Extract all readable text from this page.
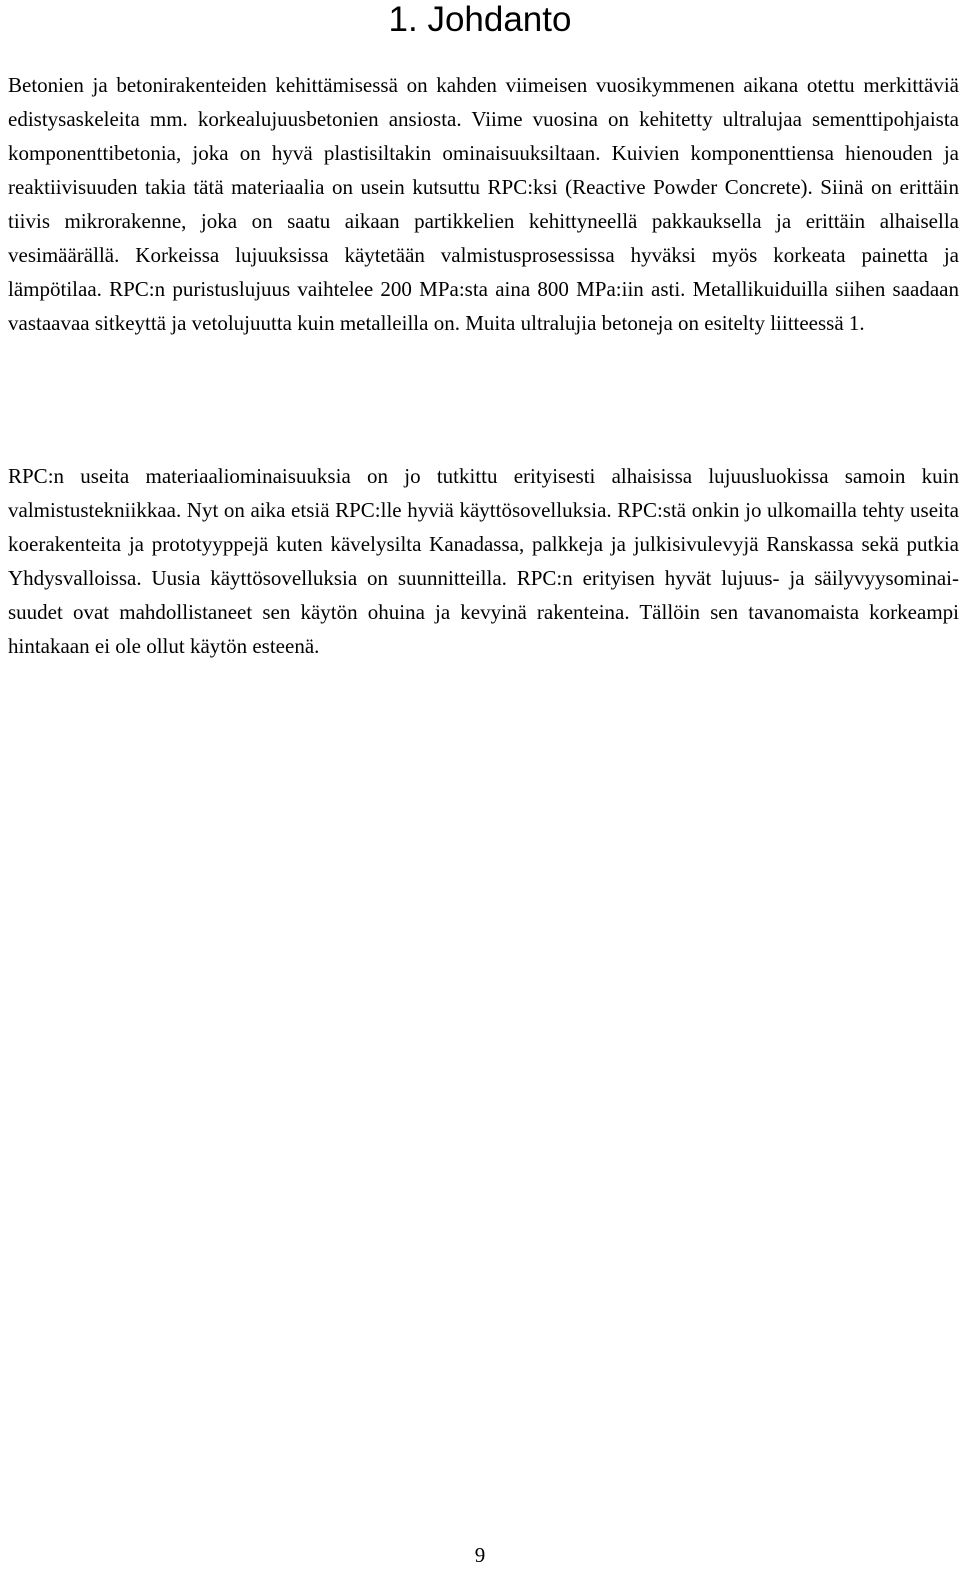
1. Johdanto

Betonien ja betonirakenteiden kehittämisessä on kahden viimeisen vuosikymmenen aikana otettu merkittäviä edistysaskeleita mm. korkealujuusbetonien ansiosta. Viime vuosina on kehitetty ultralujaa sementtipohjaista komponenttibetonia, joka on hyvä plastisiltakin ominaisuuksiltaan. Kuivien komponenttiensa hienouden ja reaktiivisuuden takia tätä materiaalia on usein kutsuttu RPC:ksi (Reactive Powder Concrete). Siinä on erittäin tiivis mikrorakenne, joka on saatu aikaan partikkelien kehittyneellä pakkauksella ja erittäin alhaisella vesimäärällä. Korkeissa lujuuksissa käytetään valmistusprosessissa hyväksi myös korkeata painetta ja lämpötilaa. RPC:n puristuslujuus vaihtelee 200 MPa:sta aina 800 MPa:iin asti. Metallikuiduilla siihen saadaan vastaavaa sitkeyttä ja vetolujuutta kuin metalleilla on. Muita ultralujia betoneja on esitelty liitteessä 1.

RPC:n useita materiaaliominaisuuksia on jo tutkittu erityisesti alhaisissa lujuusluokissa samoin kuin valmistustekniikkaa. Nyt on aika etsiä RPC:lle hyviä käyttösovelluksia. RPC:stä onkin jo ulkomailla tehty useita koerakenteita ja prototyyppejä kuten kävelysilta Kanadassa, palkkeja ja julkisivulevyjä Ranskassa sekä putkia Yhdysvalloissa. Uusia käyttösovelluksia on suunnitteilla. RPC:n erityisen hyvät lujuus- ja säilyvyysominaisuudet ovat mahdollistaneet sen käytön ohuina ja kevyinä rakenteina. Tällöin sen tavanomaista korkeampi hintakaan ei ole ollut käytön esteenä.

9
